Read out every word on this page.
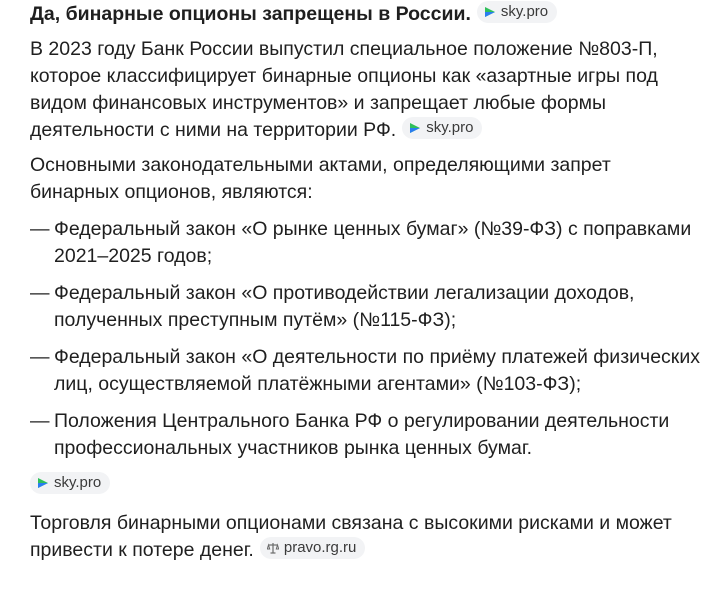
Да, бинарные опционы запрещены в России. sky.pro

В 2023 году Банк России выпустил специальное положение №803-П, которое классифицирует бинарные опционы как «азартные игры под видом финансовых инструментов» и запрещает любые формы деятельности с ними на территории РФ. sky.pro

Основными законодательными актами, определяющими запрет бинарных опционов, являются:

— Федеральный закон «О рынке ценных бумаг» (№39-ФЗ) с поправками 2021–2025 годов;
— Федеральный закон «О противодействии легализации доходов, полученных преступным путём» (№115-ФЗ);
— Федеральный закон «О деятельности по приёму платежей физических лиц, осуществляемой платёжными агентами» (№103-ФЗ);
— Положения Центрального Банка РФ о регулировании деятельности профессиональных участников рынка ценных бумаг.
sky.pro

Торговля бинарными опционами связана с высокими рисками и может привести к потере денег. pravo.rg.ru
